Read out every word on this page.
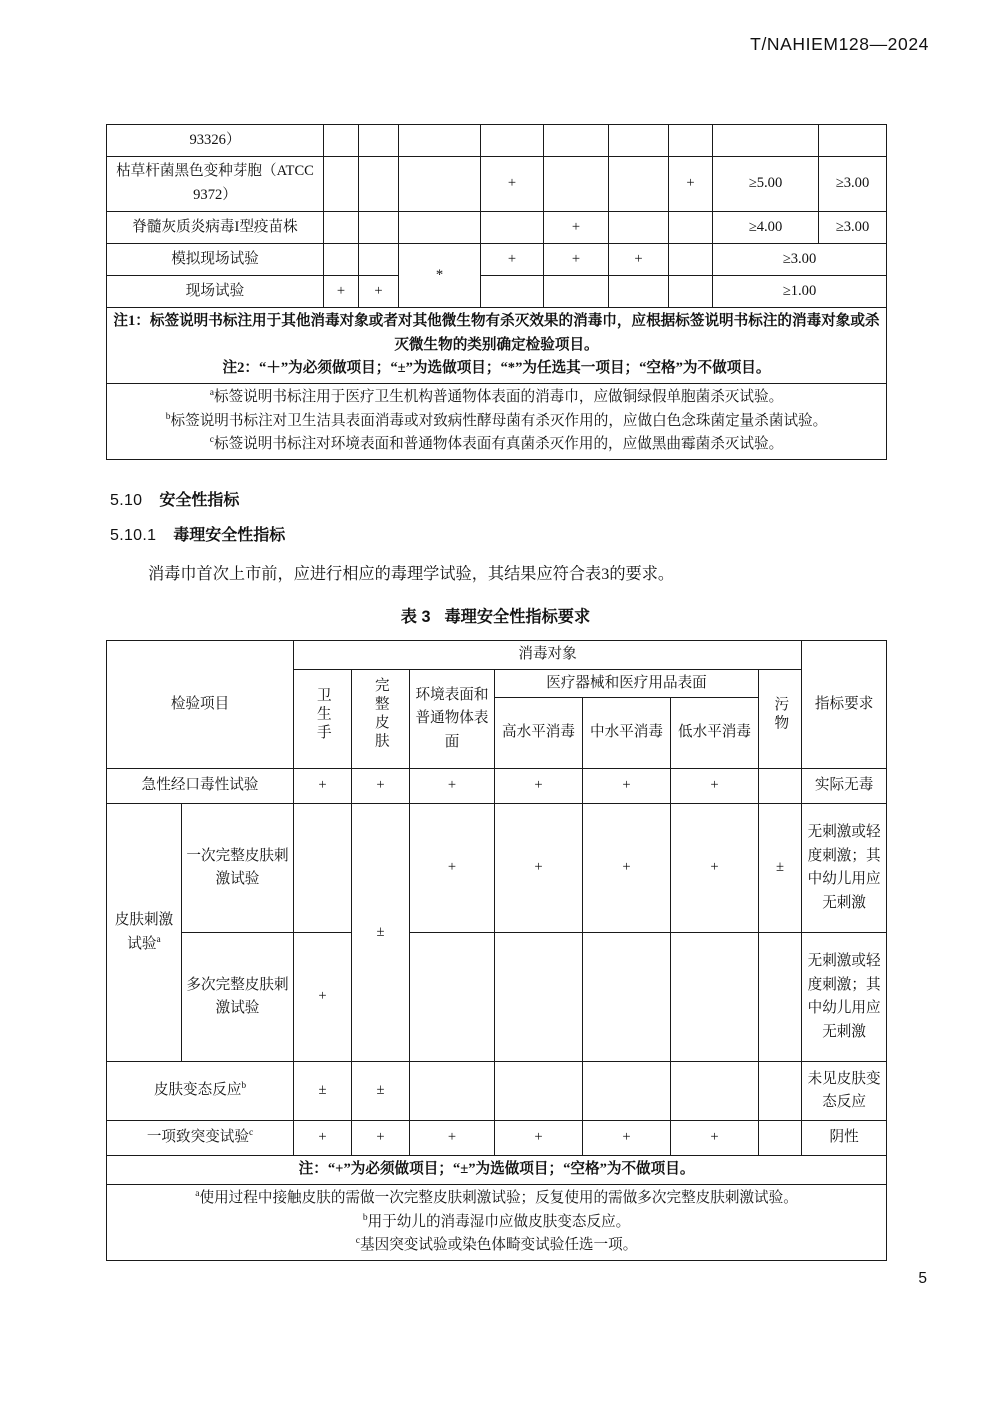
T/NAHIEM128—2024
93326）									
枯草杆菌黑色变种芽胞（ATCC 9372）				+			+	≥5.00	≥3.00
脊髓灰质炎病毒I型疫苗株					+			≥4.00	≥3.00
模拟现场试验			*	+	+	+		≥3.00	
现场试验	+	+						≥1.00	

注1：标签说明书标注用于其他消毒对象或者对其他微生物有杀灭效果的消毒巾，应根据标签说明书标注的消毒对象或杀灭微生物的类别确定检验项目。
注2：“＋”为必须做项目；“±”为选做项目；“*”为任选其一项目；“空格”为不做项目。									

$^a$标签说明书标注用于医疗卫生机构普通物体表面的消毒巾，应做铜绿假单胞菌杀灭试验。
$^b$标签说明书标注对卫生洁具表面消毒或对致病性酵母菌有杀灭作用的，应做白色念珠菌定量杀菌试验。
$^c$标签说明书标注对环境表面和普通物体表面有真菌杀灭作用的，应做黑曲霉菌杀灭试验。									
5.10 安全性指标
5.10.1 毒理安全性指标
消毒巾首次上市前，应进行相应的毒理学试验，其结果应符合表3的要求。
表 3 毒理安全性指标要求
检验项目		消毒对象							指标要求
		卫生手	完整皮肤	环境表面和普通物体表面	医疗器械和医疗用品表面			污物	
					高水平消毒	中水平消毒	低水平消毒		
急性经口毒性试验		+	+	+	+	+	+		实际无毒
皮肤刺激试验$^a$	一次完整皮肤刺激试验		±	+	+	+	+	±	无刺激或轻度刺激；其中幼儿用应无刺激
	多次完整皮肤刺激试验	+							无刺激或轻度刺激；其中幼儿用应无刺激
皮肤变态反应$^b$		±	±						未见皮肤变态反应
一项致突变试验$^c$		+	+	+	+	+	+		阴性
注：“+”为必须做项目；“±”为选做项目；“空格”为不做项目。									

$^a$使用过程中接触皮肤的需做一次完整皮肤刺激试验；反复使用的需做多次完整皮肤刺激试验。
$^b$用于幼儿的消毒湿巾应做皮肤变态反应。
$^c$基因突变试验或染色体畸变试验任选一项。									
5
